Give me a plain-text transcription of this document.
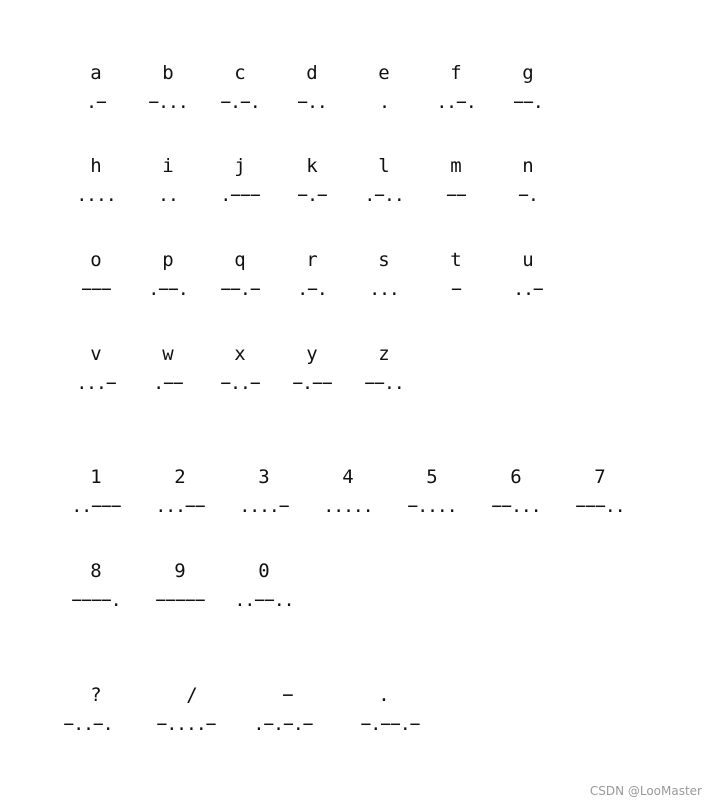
a
.−
b
−...
c
−.−.
d
−..
e
.
f
..−.
g
−−.
h
....
i
..
j
.−−−
k
−.−
l
.−..
m
−−
n
−.
o
−−−
p
.−−.
q
−−.−
r
.−.
s
...
t
−
u
..−
v
...−
w
.−−
x
−..−
y
−.−−
z
−−..
1
..−−−
2
...−−
3
....−
4
.....
5
−....
6
−−...
7
−−−..
8
−−−−.
9
−−−−−
0
..−−..
?
−..−.
/
−....−
−
.−.−.−
.
−.−−.−
CSDN @LooMaster
